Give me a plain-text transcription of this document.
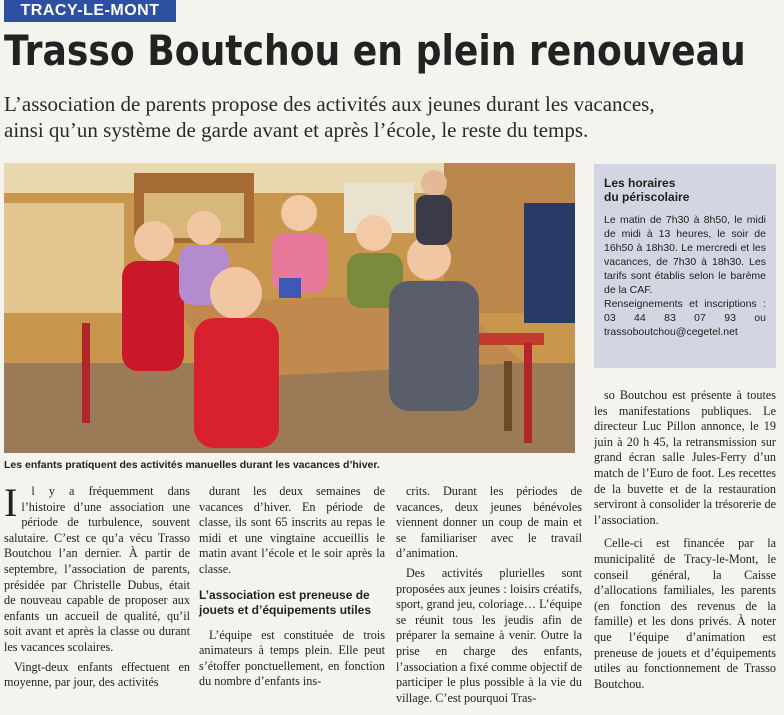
TRACY-LE-MONT
Trasso Boutchou en plein renouveau

L’association de parents propose des activités aux jeunes durant les vacances,

ainsi qu’un système de garde avant et après l’école, le reste du temps.

Les enfants pratiquent des activités manuelles durant les vacances d’hiver.
Les horaires
du périscolaire

Le matin de 7h30 à 8h50, le midi de midi à 13 heures, le soir de 16h50 à 18h30. Le mercredi et les vacances, de 7h30 à 18h30. Les tarifs sont établis selon le barème de la CAF.

Renseignements et inscriptions : 03 44 83 07 93 ou trassoboutchou@cegetel.net

I l y a fréquemment dans l’histoire d’une association une période de turbulence, souvent salutaire. C’est ce qu’a vécu Trasso Boutchou l’an dernier. À partir de septembre, l’association de parents, présidée par Christelle Dubus, était de nouveau capable de proposer aux enfants un accueil de qualité, qu’il soit avant et après la classe ou durant les vacances scolaires.

Vingt-deux enfants effectuent en moyenne, par jour, des activités

durant les deux semaines de vacances d’hiver. En période de classe, ils sont 65 inscrits au repas le midi et une vingtaine accueillis le matin avant l’école et le soir après la classe.

L’association est preneuse de jouets et d’équipements utiles

L’équipe est constituée de trois animateurs à temps plein. Elle peut s’étoffer ponctuellement, en fonction du nombre d’enfants ins-

crits. Durant les périodes de vacances, deux jeunes bénévoles viennent donner un coup de main et se familiariser avec le travail d’animation.

Des activités plurielles sont proposées aux jeunes : loisirs créatifs, sport, grand jeu, coloriage… L’équipe se réunit tous les jeudis afin de préparer la semaine à venir. Outre la prise en charge des enfants, l’association a fixé comme objectif de participer le plus possible à la vie du village. C’est pourquoi Tras-

so Boutchou est présente à toutes les manifestations publiques. Le directeur Luc Pillon annonce, le 19 juin à 20 h 45, la retransmission sur grand écran salle Jules-Ferry d’un match de l’Euro de foot. Les recettes de la buvette et de la restauration serviront à consolider la trésorerie de l’association.

Celle-ci est financée par la municipalité de Tracy-le-Mont, le conseil général, la Caisse d’allocations familiales, les parents (en fonction des revenus de la famille) et les dons privés. À noter que l’équipe d’animation est preneuse de jouets et d’équipements utiles au fonctionnement de Trasso Boutchou.
